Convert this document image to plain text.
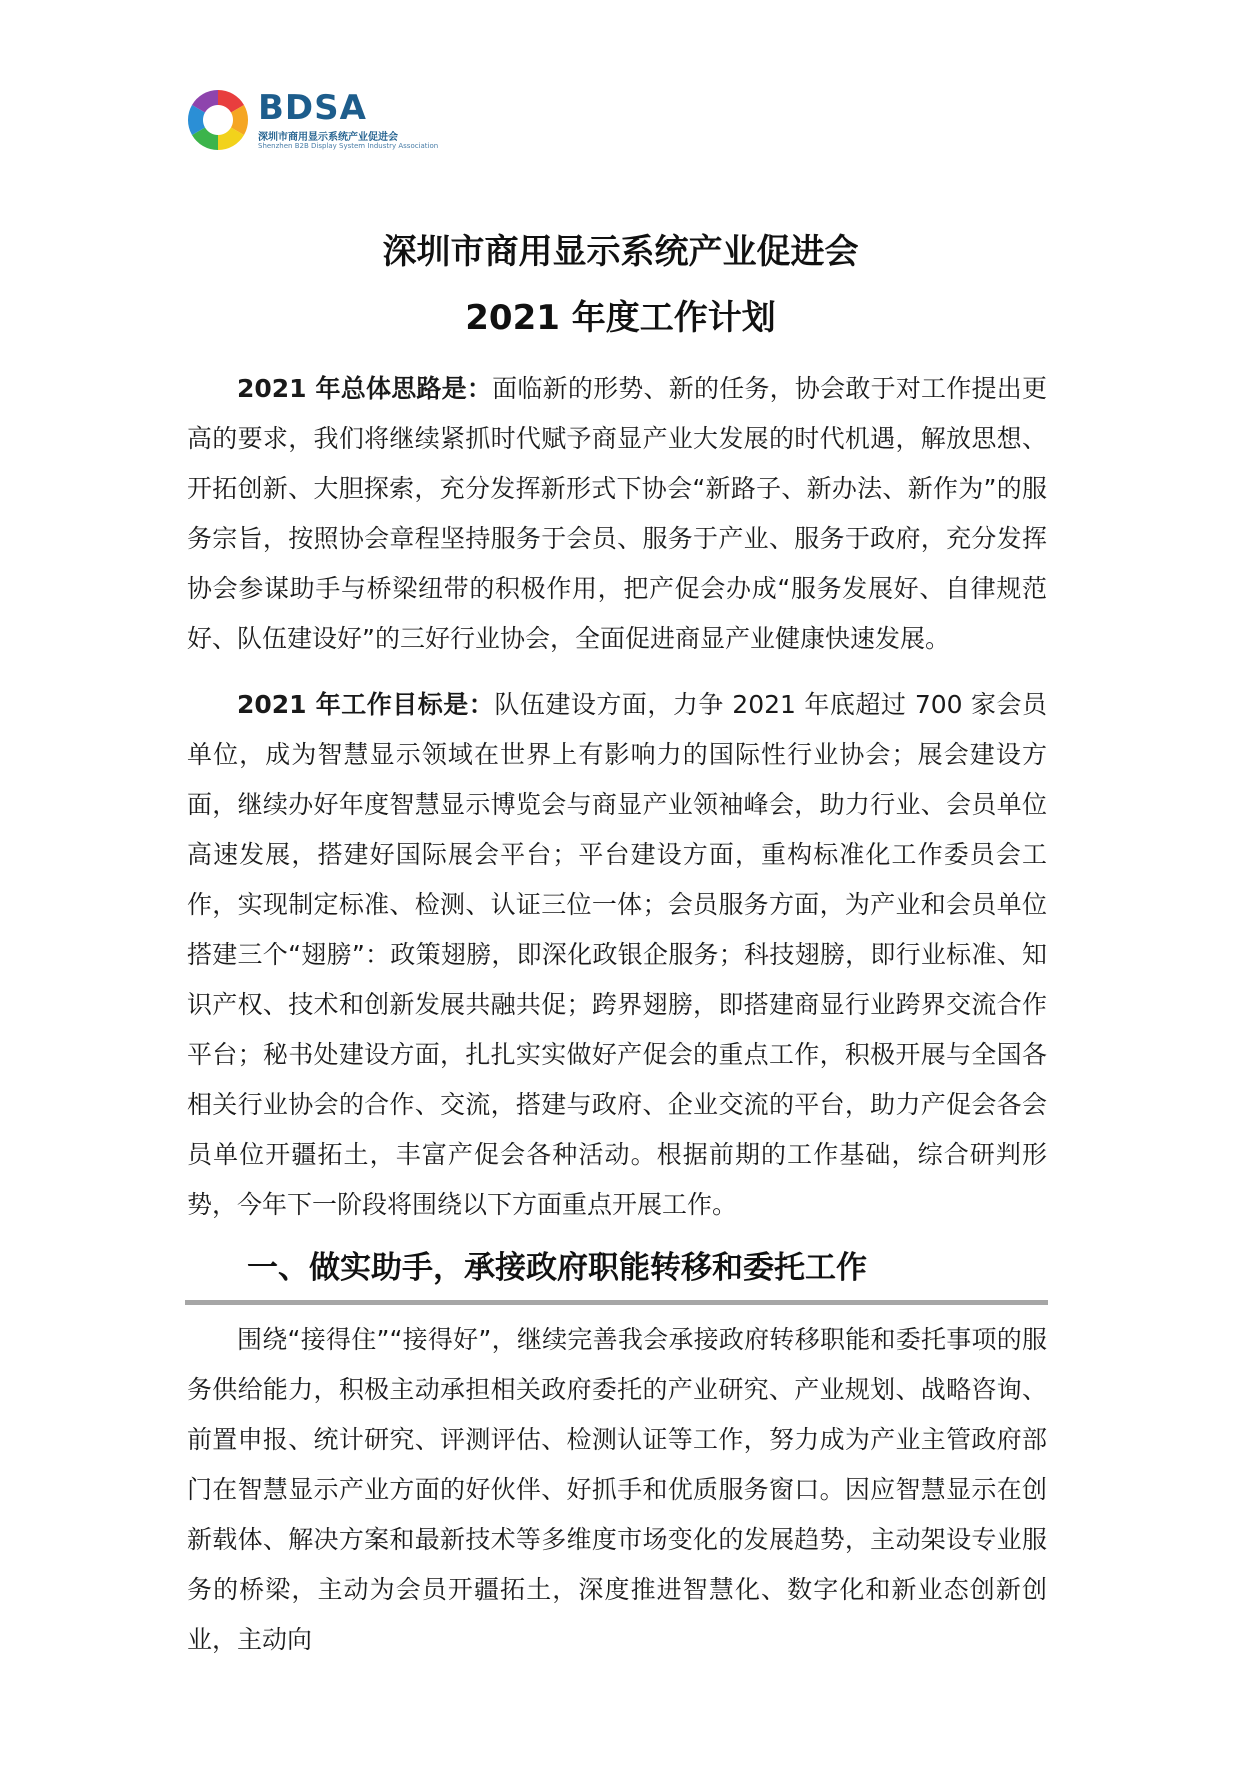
BDSA
深圳市商用显示系统产业促进会
Shenzhen B2B Display System Industry Association
深圳市商用显示系统产业促进会
2021 年度工作计划

2021 年总体思路是：面临新的形势、新的任务，协会敢于对工作提出更高的要求，我们将继续紧抓时代赋予商显产业大发展的时代机遇，解放思想、开拓创新、大胆探索，充分发挥新形式下协会“新路子、新办法、新作为”的服务宗旨，按照协会章程坚持服务于会员、服务于产业、服务于政府，充分发挥协会参谋助手与桥梁纽带的积极作用，把产促会办成“服务发展好、自律规范好、队伍建设好”的三好行业协会，全面促进商显产业健康快速发展。

2021 年工作目标是：队伍建设方面，力争 2021 年底超过 700 家会员单位，成为智慧显示领域在世界上有影响力的国际性行业协会；展会建设方面，继续办好年度智慧显示博览会与商显产业领袖峰会，助力行业、会员单位高速发展，搭建好国际展会平台；平台建设方面，重构标准化工作委员会工作，实现制定标准、检测、认证三位一体；会员服务方面，为产业和会员单位搭建三个“翅膀”：政策翅膀，即深化政银企服务；科技翅膀，即行业标准、知识产权、技术和创新发展共融共促；跨界翅膀，即搭建商显行业跨界交流合作平台；秘书处建设方面，扎扎实实做好产促会的重点工作，积极开展与全国各相关行业协会的合作、交流，搭建与政府、企业交流的平台，助力产促会各会员单位开疆拓土，丰富产促会各种活动。根据前期的工作基础，综合研判形势，今年下一阶段将围绕以下方面重点开展工作。

一、做实助手，承接政府职能转移和委托工作

围绕“接得住”“接得好”，继续完善我会承接政府转移职能和委托事项的服务供给能力，积极主动承担相关政府委托的产业研究、产业规划、战略咨询、前置申报、统计研究、评测评估、检测认证等工作，努力成为产业主管政府部门在智慧显示产业方面的好伙伴、好抓手和优质服务窗口。因应智慧显示在创新载体、解决方案和最新技术等多维度市场变化的发展趋势，主动架设专业服务的桥梁，主动为会员开疆拓土，深度推进智慧化、数字化和新业态创新创业，主动向
